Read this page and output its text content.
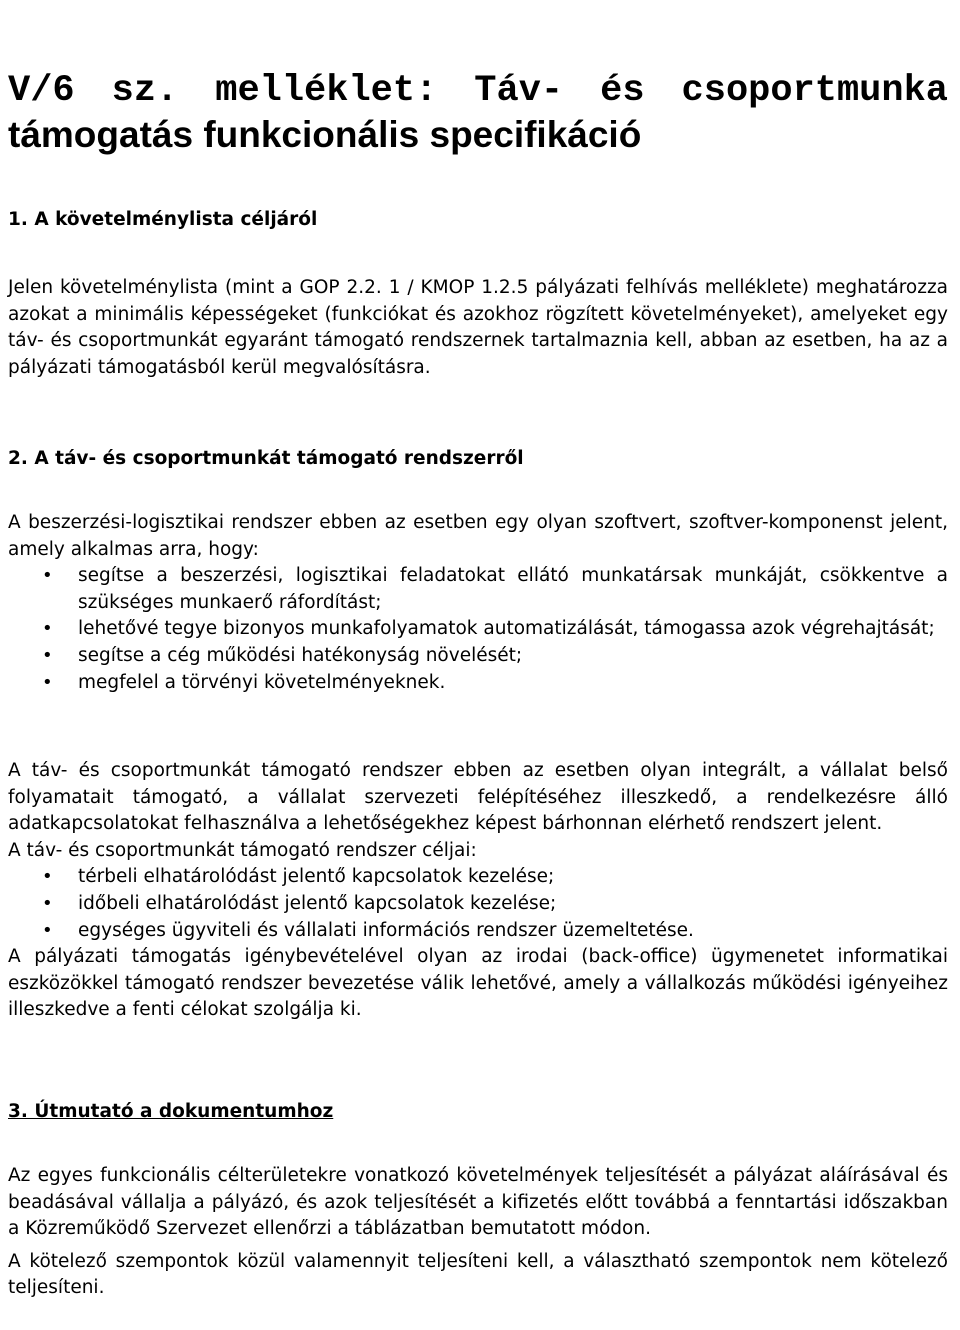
V/6 sz. melléklet: Táv- és csoportmunka
támogatás funkcionális specifikáció
1. A követelménylista céljáról

Jelen követelménylista (mint a GOP 2.2. 1 / KMOP 1.2.5 pályázati felhívás melléklete) meghatározza azokat a minimális képességeket (funkciókat és azokhoz rögzített követelményeket), amelyeket egy táv- és csoportmunkát egyaránt támogató rendszernek tartalmaznia kell, abban az esetben, ha az a pályázati támogatásból kerül megvalósításra.

2. A táv- és csoportmunkát támogató rendszerről

A beszerzési-logisztikai rendszer ebben az esetben egy olyan szoftvert, szoftver-komponenst jelent, amely alkalmas arra, hogy:

• segítse a beszerzési, logisztikai feladatokat ellátó munkatársak munkáját, csökkentve a szükséges munkaerő ráfordítást;
• lehetővé tegye bizonyos munkafolyamatok automatizálását, támogassa azok végrehajtását;
• segítse a cég működési hatékonyság növelését;
• megfelel a törvényi követelményeknek.

A táv- és csoportmunkát támogató rendszer ebben az esetben olyan integrált, a vállalat belső folyamatait támogató, a vállalat szervezeti felépítéséhez illeszkedő, a rendelkezésre álló adatkapcsolatokat felhasználva a lehetőségekhez képest bárhonnan elérhető rendszert jelent.

A táv- és csoportmunkát támogató rendszer céljai:

• térbeli elhatárolódást jelentő kapcsolatok kezelése;
• időbeli elhatárolódást jelentő kapcsolatok kezelése;
• egységes ügyviteli és vállalati információs rendszer üzemeltetése.

A pályázati támogatás igénybevételével olyan az irodai (back-office) ügymenetet informatikai eszközökkel támogató rendszer bevezetése válik lehetővé, amely a vállalkozás működési igényeihez illeszkedve a fenti célokat szolgálja ki.

3. Útmutató a dokumentumhoz

Az egyes funkcionális célterületekre vonatkozó követelmények teljesítését a pályázat aláírásával és beadásával vállalja a pályázó, és azok teljesítését a kifizetés előtt továbbá a fenntartási időszakban a Közreműködő Szervezet ellenőrzi a táblázatban bemutatott módon.

A kötelező szempontok közül valamennyit teljesíteni kell, a választható szempontok nem kötelező teljesíteni.
